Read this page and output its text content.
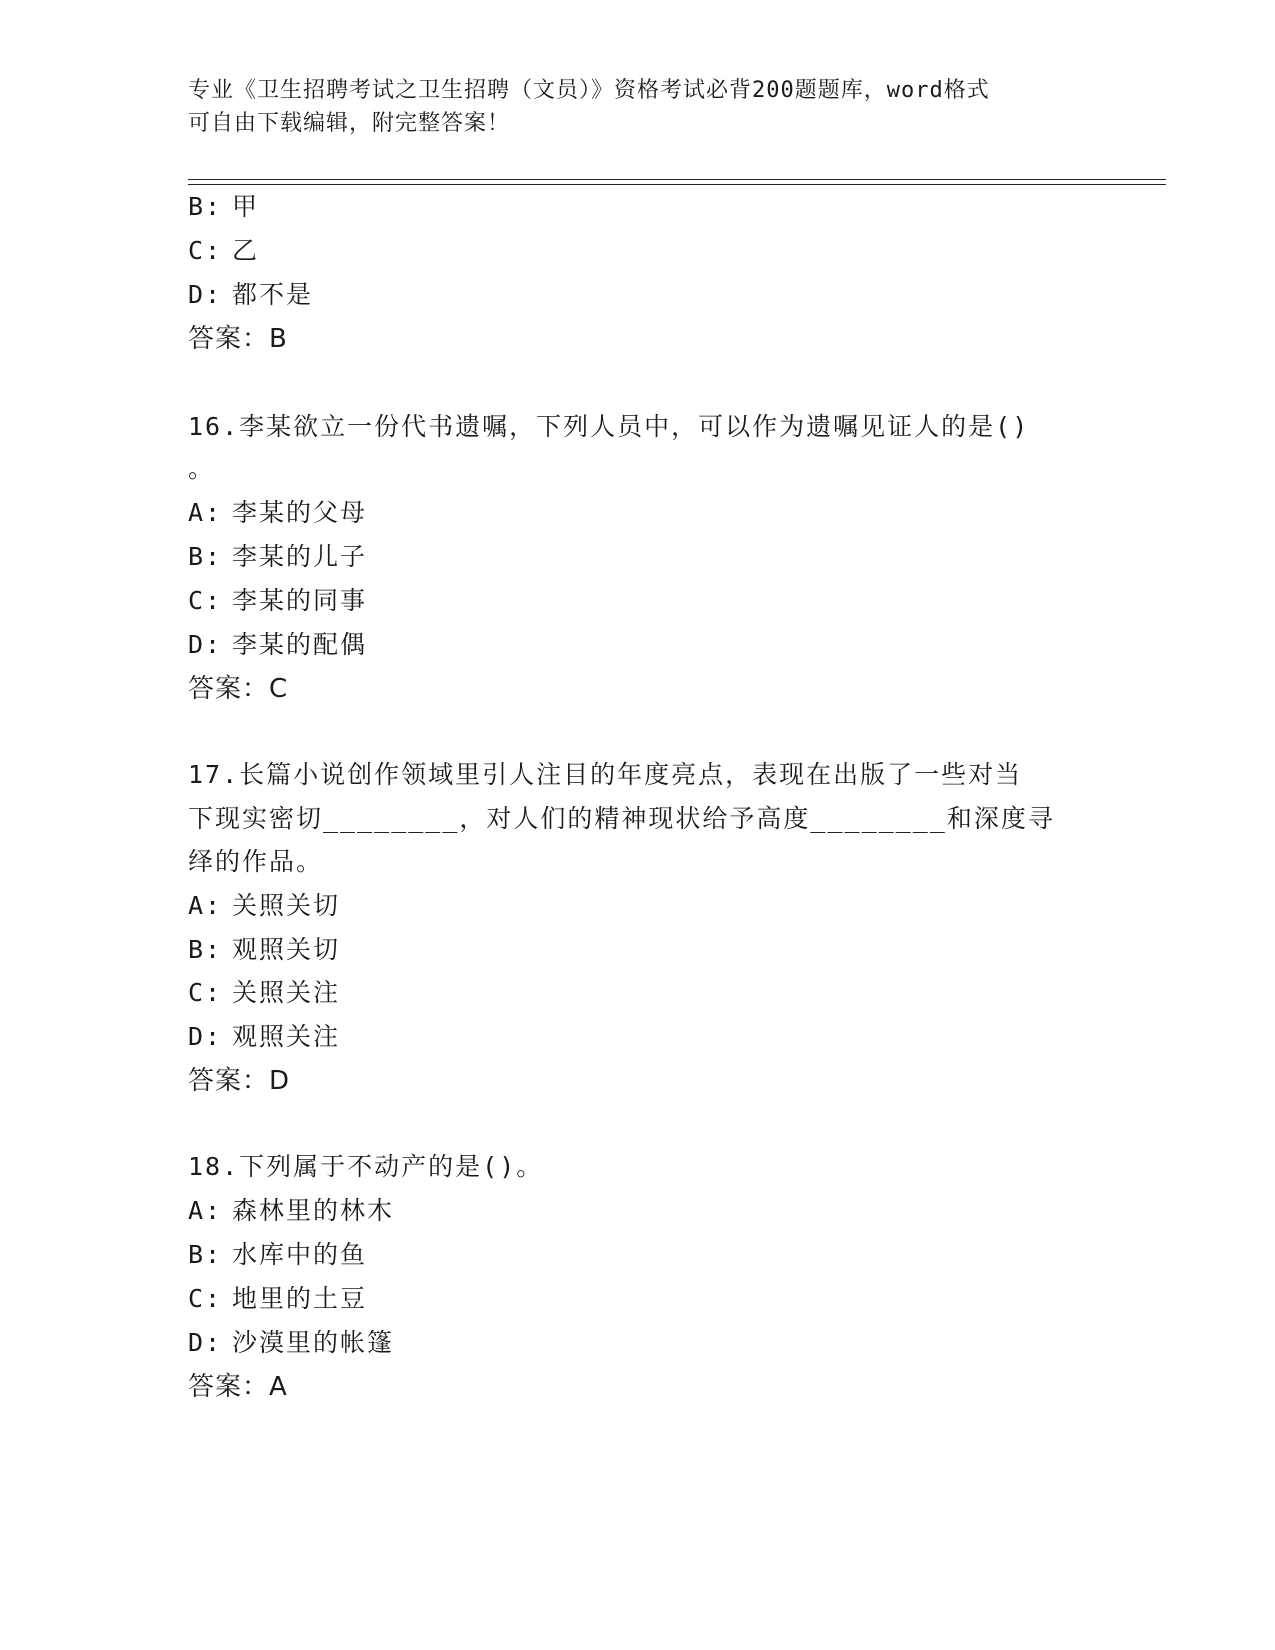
专业《卫生招聘考试之卫生招聘（文员）》资格考试必背200题题库，word格式
可自由下载编辑，附完整答案！
B: 甲
C: 乙
D: 都不是
答案：B
16.李某欲立一份代书遗嘱，下列人员中，可以作为遗嘱见证人的是()
。
A: 李某的父母
B: 李某的儿子
C: 李某的同事
D: 李某的配偶
答案：C
17.长篇小说创作领域里引人注目的年度亮点，表现在出版了一些对当
下现实密切________，对人们的精神现状给予高度________和深度寻
绎的作品。
A: 关照关切
B: 观照关切
C: 关照关注
D: 观照关注
答案：D
18.下列属于不动产的是()。
A: 森林里的林木
B: 水库中的鱼
C: 地里的土豆
D: 沙漠里的帐篷
答案：A
